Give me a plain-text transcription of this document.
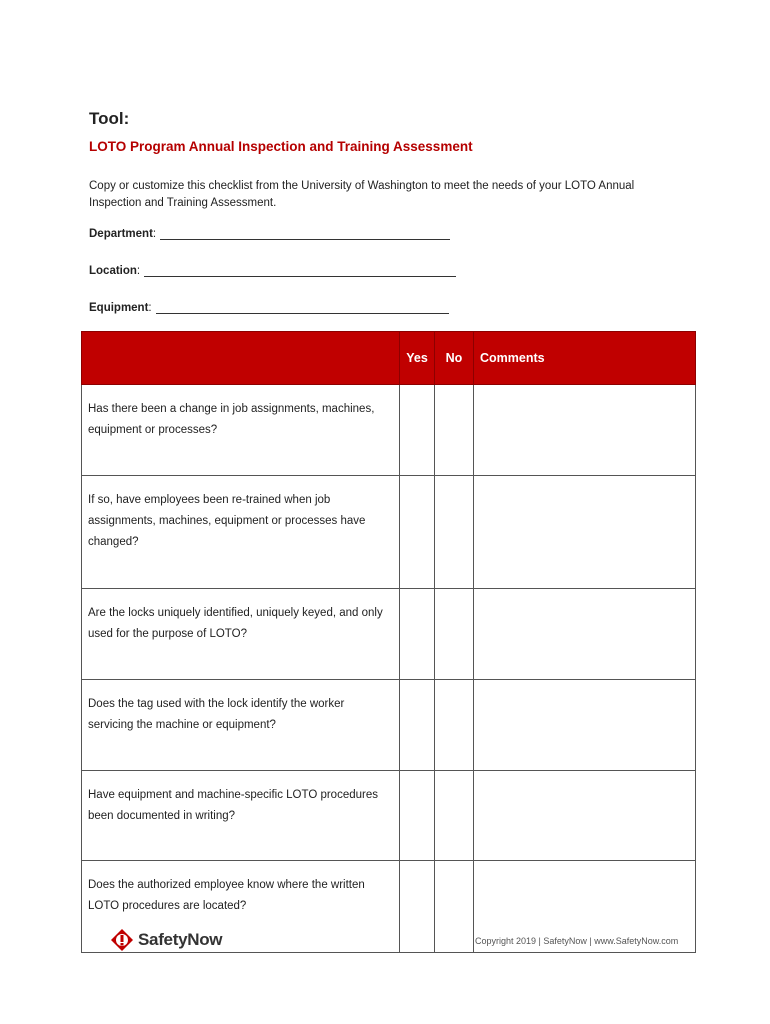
Tool:
LOTO Program Annual Inspection and Training Assessment
Copy or customize this checklist from the University of Washington to meet the needs of your LOTO Annual Inspection and Training Assessment.
Department :
Location :
Equipment :
	Yes	No	Comments
Has there been a change in job assignments, machines, equipment or processes?			
If so, have employees been re-trained when job assignments, machines, equipment or processes have changed?			
Are the locks uniquely identified, uniquely keyed, and only used for the purpose of LOTO?			
Does the tag used with the lock identify the worker servicing the machine or equipment?			
Have equipment and machine-specific LOTO procedures been documented in writing?			
Does the authorized employee know where the written LOTO procedures are located?			
SafetyNow	Copyright 2019 | SafetyNow | www.SafetyNow.com
